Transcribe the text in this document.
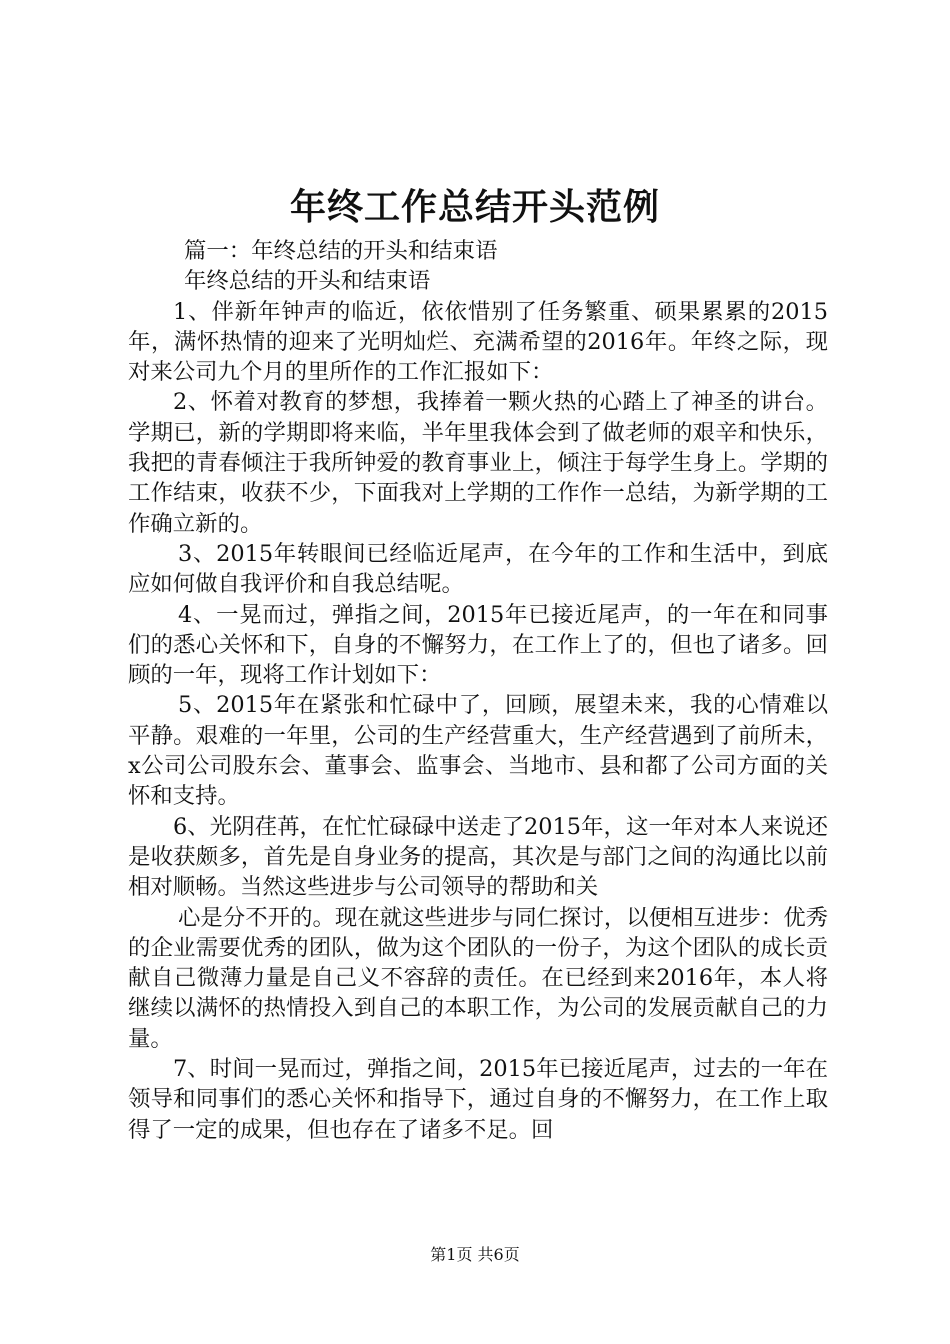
年终工作总结开头范例

篇一：年终总结的开头和结束语

年终总结的开头和结束语

1、伴新年钟声的临近，依依惜别了任务繁重、硕果累累的2015年，满怀热情的迎来了光明灿烂、充满希望的2016年。年终之际，现对来公司九个月的里所作的工作汇报如下：

2、怀着对教育的梦想，我捧着一颗火热的心踏上了神圣的讲台。学期已，新的学期即将来临，半年里我体会到了做老师的艰辛和快乐，我把的青春倾注于我所钟爱的教育事业上，倾注于每学生身上。学期的工作结束，收获不少，下面我对上学期的工作作一总结，为新学期的工作确立新的。

3、2015年转眼间已经临近尾声，在今年的工作和生活中，到底应如何做自我评价和自我总结呢。

4、一晃而过，弹指之间，2015年已接近尾声，的一年在和同事们的悉心关怀和下，自身的不懈努力，在工作上了的，但也了诸多。回顾的一年，现将工作计划如下：

5、2015年在紧张和忙碌中了，回顾，展望未来，我的心情难以平静。艰难的一年里，公司的生产经营重大，生产经营遇到了前所未，x公司公司股东会、董事会、监事会、当地市、县和都了公司方面的关怀和支持。

6、光阴荏苒，在忙忙碌碌中送走了2015年，这一年对本人来说还是收获颇多，首先是自身业务的提高，其次是与部门之间的沟通比以前相对顺畅。当然这些进步与公司领导的帮助和关

心是分不开的。现在就这些进步与同仁探讨，以便相互进步：优秀的企业需要优秀的团队，做为这个团队的一份子，为这个团队的成长贡献自己微薄力量是自己义不容辞的责任。在已经到来2016年，本人将继续以满怀的热情投入到自己的本职工作，为公司的发展贡献自己的力量。

7、时间一晃而过，弹指之间，2015年已接近尾声，过去的一年在领导和同事们的悉心关怀和指导下，通过自身的不懈努力，在工作上取得了一定的成果，但也存在了诸多不足。回

第1页 共6页
